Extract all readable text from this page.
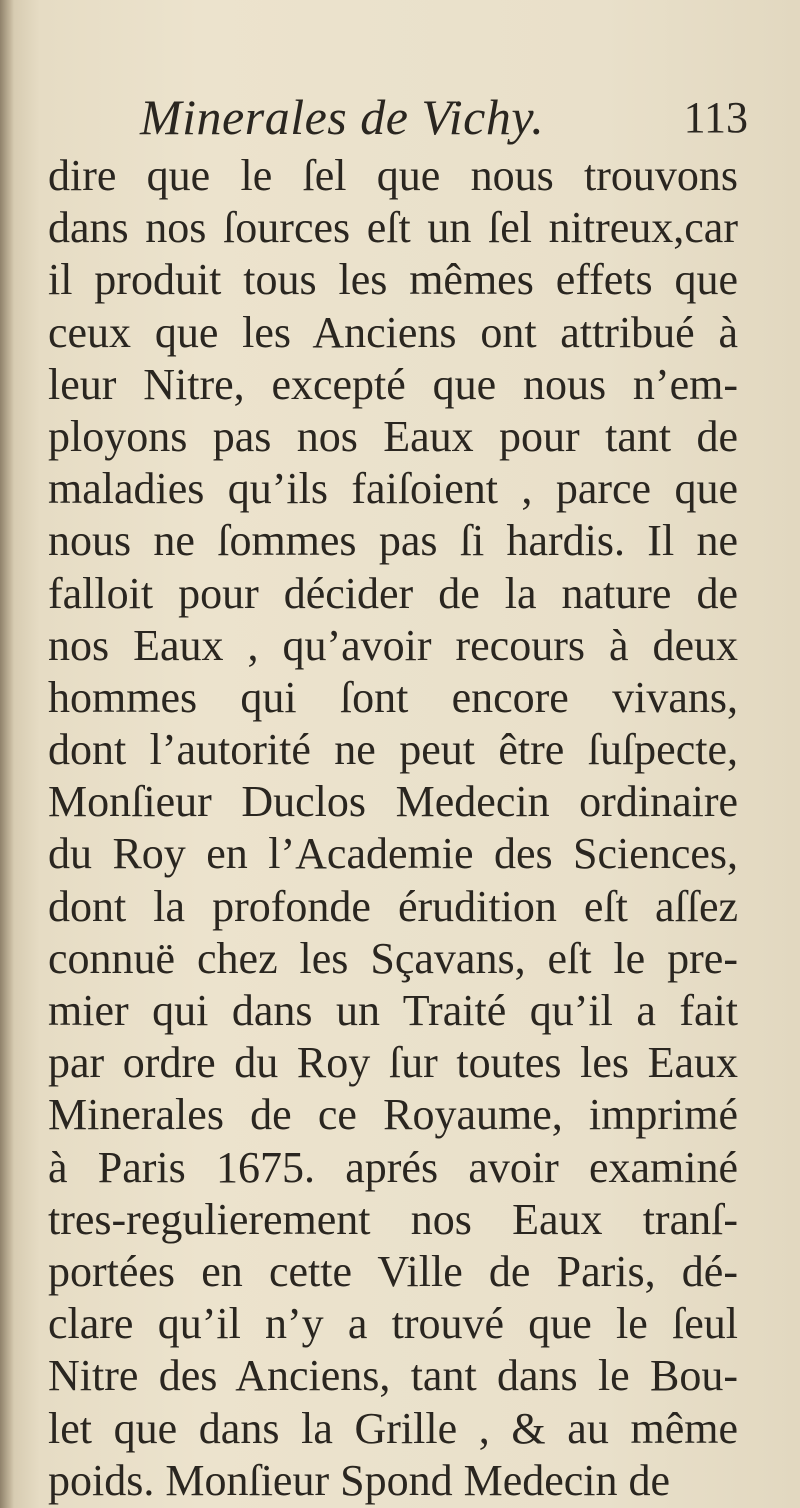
Minerales de Vichy.	113
dire que le ſel que nous trouvons
dans nos ſources eſt un ſel nitreux,car
il produit tous les mêmes effets que
ceux que les Anciens ont attribué à
leur Nitre, excepté que nous n’em-
ployons pas nos Eaux pour tant de
maladies qu’ils faiſoient , parce que
nous ne ſommes pas ſi hardis. Il ne
falloit pour décider de la nature de
nos Eaux , qu’avoir recours à deux
hommes qui ſont encore vivans,
dont l’autorité ne peut être ſuſpecte,
Monſieur Duclos Medecin ordinaire
du Roy en l’Academie des Sciences,
dont la profonde érudition eſt aſſez
connuë chez les Sçavans, eſt le pre-
mier qui dans un Traité qu’il a fait
par ordre du Roy ſur toutes les Eaux
Minerales de ce Royaume, imprimé
à Paris 1675. aprés avoir examiné
tres-regulierement nos Eaux tranſ-
portées en cette Ville de Paris, dé-
clare qu’il n’y a trouvé que le ſeul
Nitre des Anciens, tant dans le Bou-
let que dans la Grille , & au même
poids. Monſieur Spond Medecin de
